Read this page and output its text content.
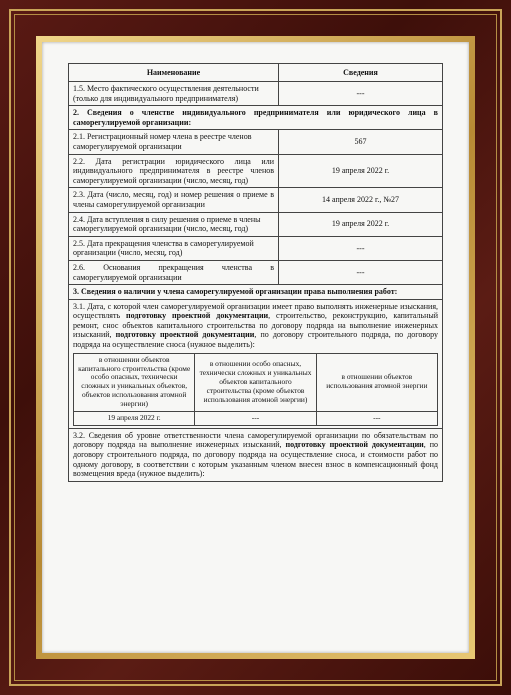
Наименование	Сведения
1.5. Место фактического осуществления деятельности (только для индивидуального предпринимателя)	---
2. Сведения о членстве индивидуального предпринимателя или юридического лица в саморегулируемой организации:
2.1. Регистрационный номер члена в реестре членов саморегулируемой организации	567
2.2. Дата регистрации юридического лица или индивидуального предпринимателя в реестре членов саморегулируемой организации (число, месяц, год)	19 апреля 2022 г.
2.3. Дата (число, месяц, год) и номер решения о приеме в члены саморегулируемой организации	14 апреля 2022 г., №27
2.4. Дата вступления в силу решения о приеме в члены саморегулируемой организации (число, месяц, год)	19 апреля 2022 г.
2.5. Дата прекращения членства в саморегулируемой организации (число, месяц, год)	---
2.6. Основания прекращения членства в саморегулируемой организации	---
3. Сведения о наличии у члена саморегулируемой организации права выполнения работ:

3.1. Дата, с которой член саморегулируемой организации имеет право выполнять инженерные изыскания, осуществлять подготовку проектной документации, строительство, реконструкцию, капитальный ремонт, снос объектов капитального строительства по договору подряда на выполнение инженерных изысканий, подготовку проектной документации, по договору строительного подряда, по договору подряда на осуществление сноса (нужное выделить):
в отношении объектов капитального строительства (кроме особо опасных, технически сложных и уникальных объектов, объектов использования атомной энергии)	в отношении особо опасных, технически сложных и уникальных объектов капитального строительства (кроме объектов использования атомной энергии)	в отношении объектов использования атомной энергии
19 апреля 2022 г.	---	---

3.2. Сведения об уровне ответственности члена саморегулируемой организации по обязательствам по договору подряда на выполнение инженерных изысканий, подготовку проектной документации, по договору строительного подряда, по договору подряда на осуществление сноса, и стоимости работ по одному договору, в соответствии с которым указанным членом внесен взнос в компенсационный фонд возмещения вреда (нужное выделить):
